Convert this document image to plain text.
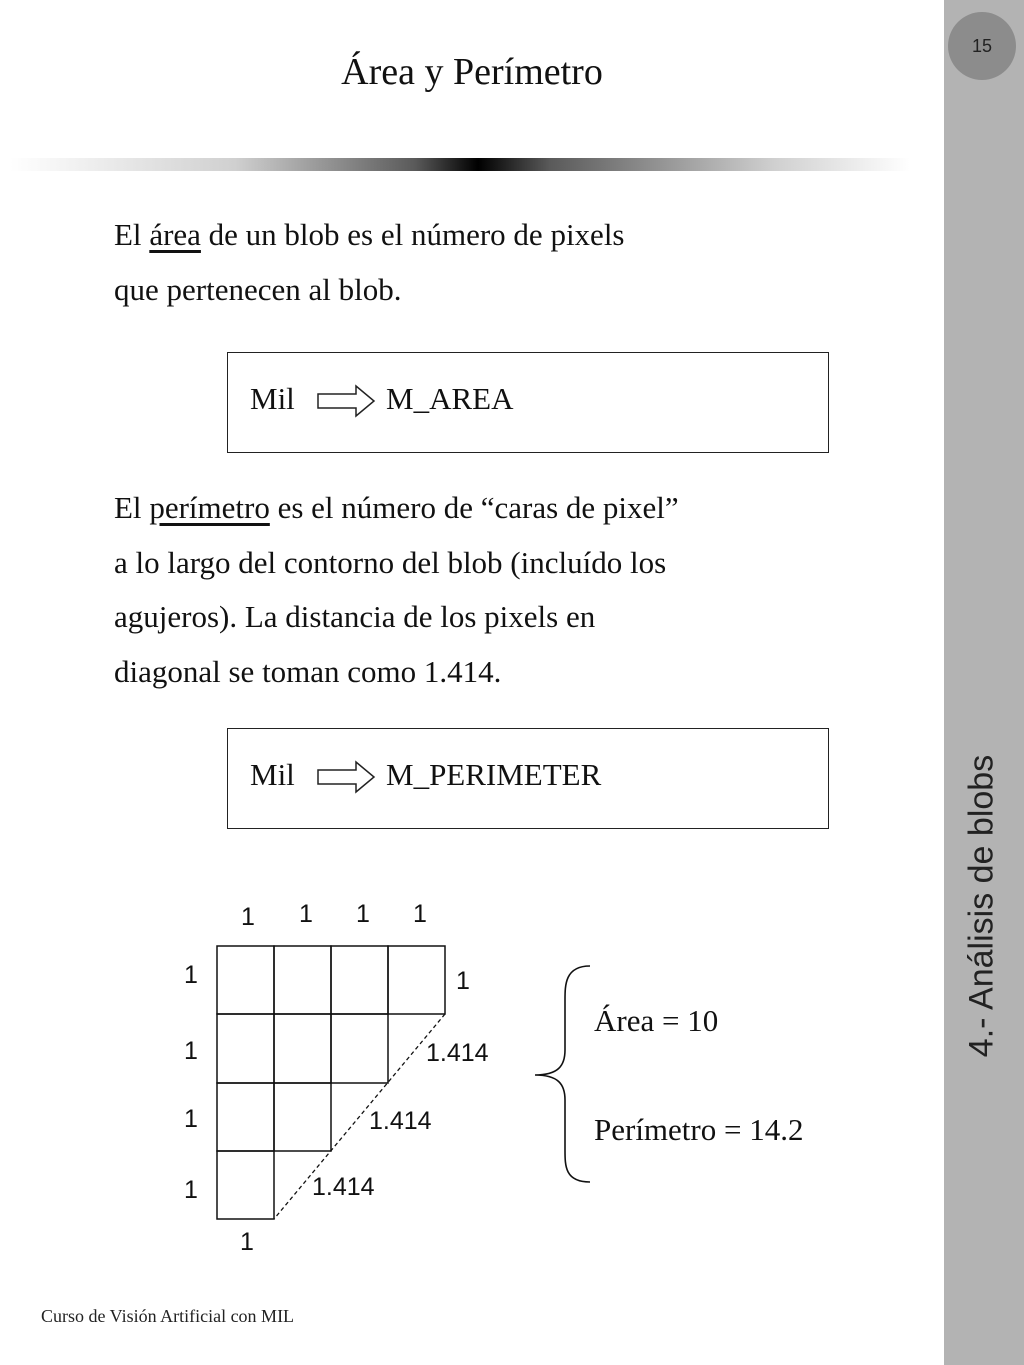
15
4.- Análisis de blobs
Área y Perímetro
El área de un blob es el número de pixels
que pertenecen al blob.
Mil	M_AREA
El perímetro es el número de “caras de pixel”
a lo largo del contorno del blob (incluído los
agujeros). La distancia de los pixels en
diagonal se toman como 1.414.
Mil	M_PERIMETER
1 1 1 1
1
1
1
1
1
1
1.414
1.414
1.414
Área = 10
Perímetro = 14.2
Curso de Visión Artificial con MIL
